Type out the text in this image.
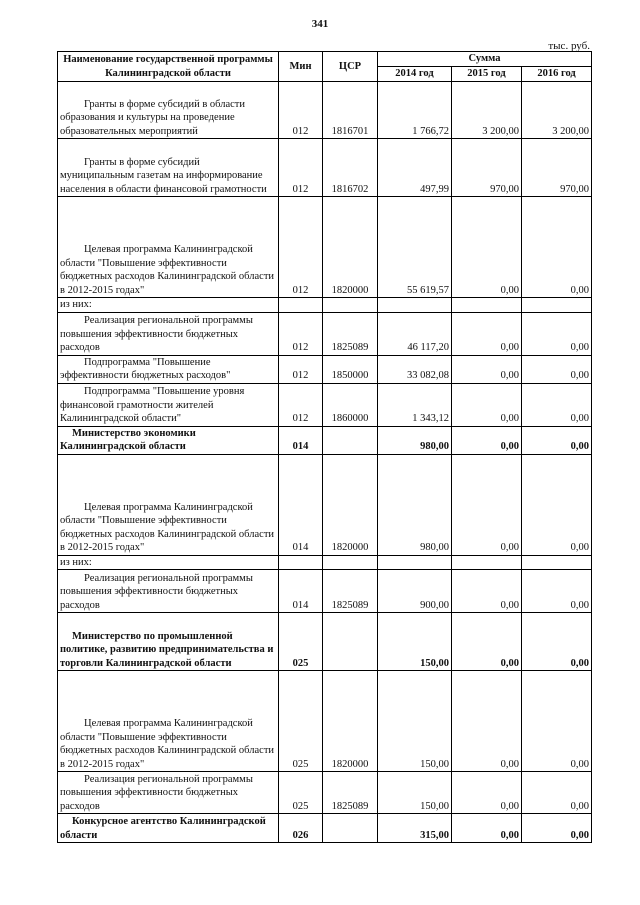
341
тыс. руб.
Наименование государственной программы Калининградской области	Мин	ЦСР	Сумма		
			2014 год	2015 год	2016 год
Гранты в форме субсидий в области образования и культуры на проведение образовательных мероприятий	012	1816701	1 766,72	3 200,00	3 200,00
Гранты в форме субсидий муниципальным газетам на информирование населения в области финансовой грамотности	012	1816702	497,99	970,00	970,00
Целевая программа Калининградской области "Повышение эффективности бюджетных расходов Калининградской области в 2012-2015 годах"	012	1820000	55 619,57	0,00	0,00
из них:					
Реализация региональной программы повышения эффективности бюджетных расходов	012	1825089	46 117,20	0,00	0,00
Подпрограмма "Повышение эффективности бюджетных расходов"	012	1850000	33 082,08	0,00	0,00
Подпрограмма "Повышение уровня финансовой грамотности жителей Калининградской области"	012	1860000	1 343,12	0,00	0,00
Министерство экономики Калининградской области	014		980,00	0,00	0,00
Целевая программа Калининградской области "Повышение эффективности бюджетных расходов Калининградской области в 2012-2015 годах"	014	1820000	980,00	0,00	0,00
из них:					
Реализация региональной программы повышения эффективности бюджетных расходов	014	1825089	900,00	0,00	0,00
Министерство по промышленной политике, развитию предпринимательства и торговли Калининградской области	025		150,00	0,00	0,00
Целевая программа Калининградской области "Повышение эффективности бюджетных расходов Калининградской области в 2012-2015 годах"	025	1820000	150,00	0,00	0,00
Реализация региональной программы повышения эффективности бюджетных расходов	025	1825089	150,00	0,00	0,00
Конкурсное агентство Калининградской области	026		315,00	0,00	0,00
